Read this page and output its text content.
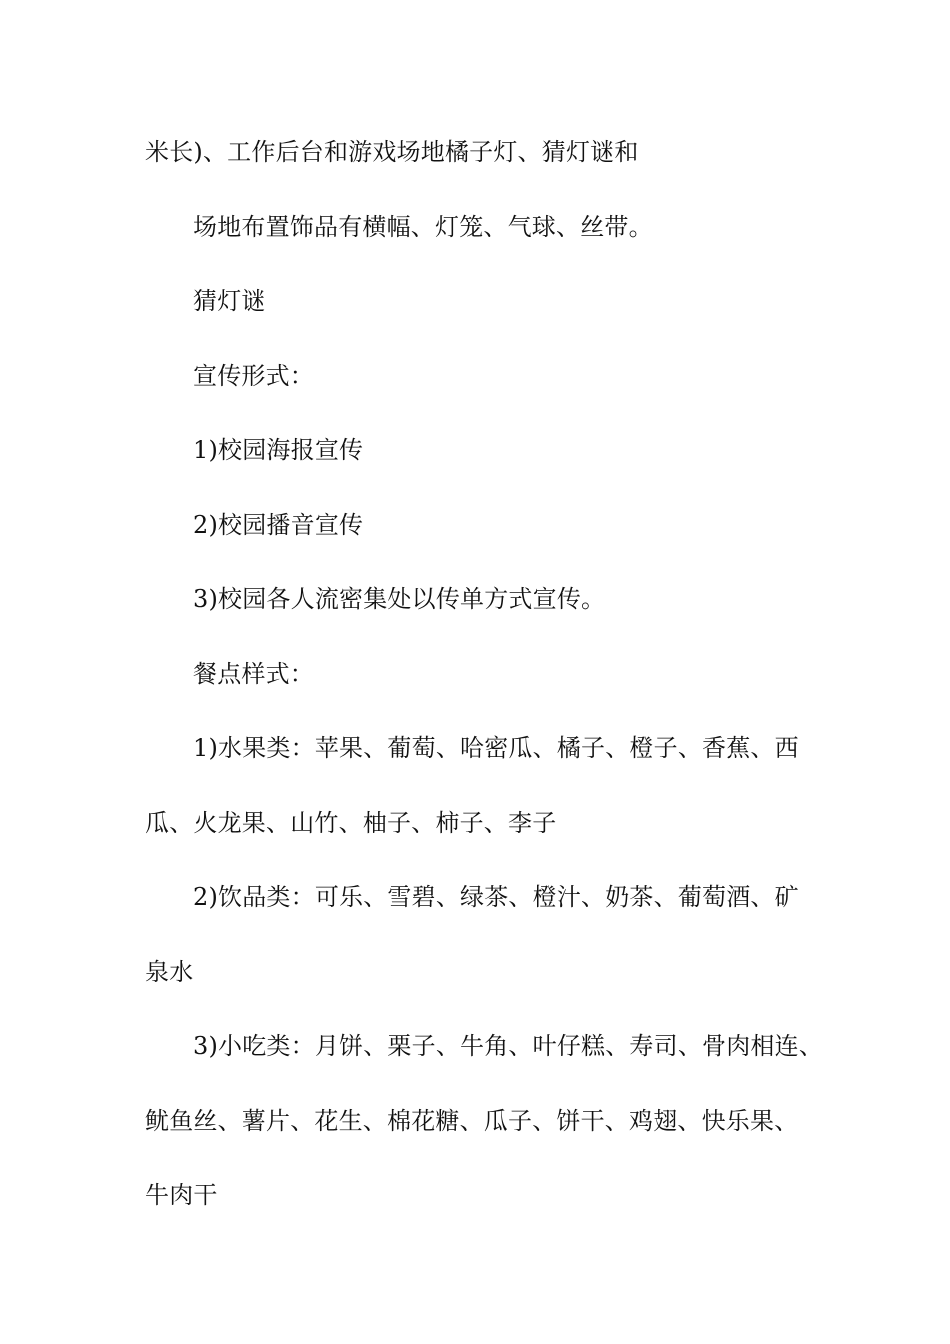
米长)、工作后台和游戏场地橘子灯、猜灯谜和
场地布置饰品有横幅、灯笼、气球、丝带。
猜灯谜
宣传形式：
1)校园海报宣传
2)校园播音宣传
3)校园各人流密集处以传单方式宣传。
餐点样式：
1)水果类：苹果、葡萄、哈密瓜、橘子、橙子、香蕉、西
瓜、火龙果、山竹、柚子、柿子、李子
2)饮品类：可乐、雪碧、绿茶、橙汁、奶茶、葡萄酒、矿
泉水
3)小吃类：月饼、栗子、牛角、叶仔糕、寿司、骨肉相连、
鱿鱼丝、薯片、花生、棉花糖、瓜子、饼干、鸡翅、快乐果、
牛肉干
